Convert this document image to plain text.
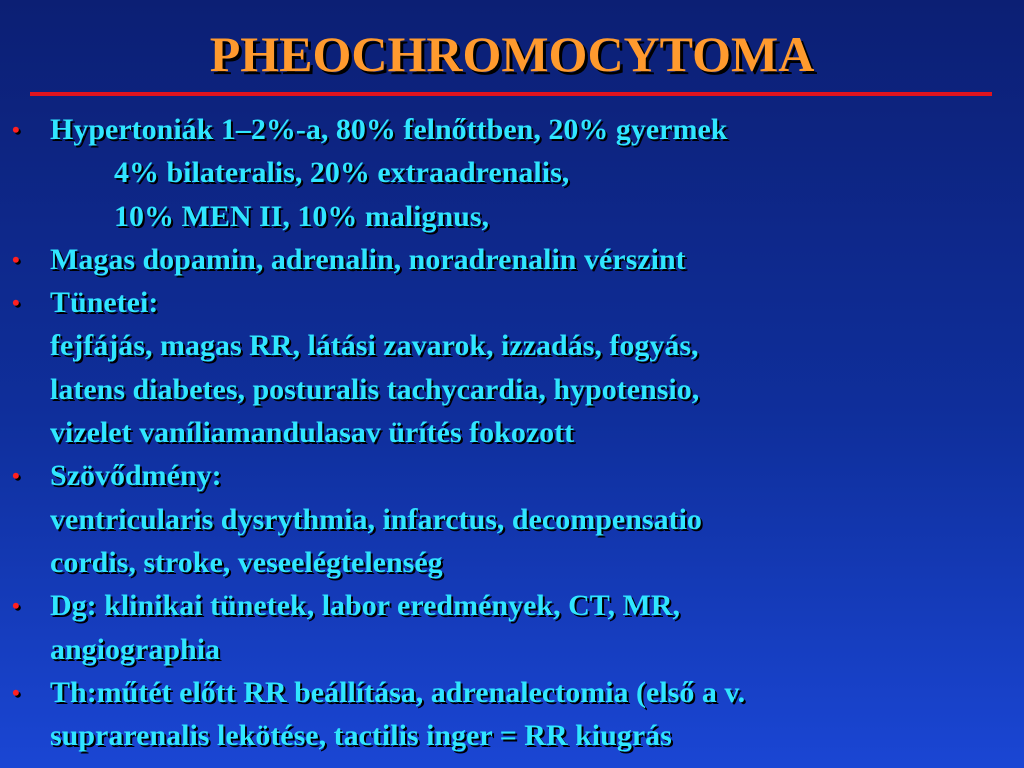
PHEOCHROMOCYTOMA
•	Hypertoniák 1–2%-a, 80% felnőttben, 20% gyermek
4% bilateralis, 20% extraadrenalis,
10% MEN II, 10% malignus,
•	Magas dopamin, adrenalin, noradrenalin vérszint
•	Tünetei:
fejfájás, magas RR, látási zavarok, izzadás, fogyás,
latens diabetes, posturalis tachycardia, hypotensio,
vizelet vaníliamandulasav ürítés fokozott
•	Szövődmény:
ventricularis dysrythmia, infarctus, decompensatio
cordis, stroke, veseelégtelenség
•	Dg: klinikai tünetek, labor eredmények, CT, MR,
angiographia
•	Th:műtét előtt RR beállítása, adrenalectomia (első a v.
suprarenalis lekötése, tactilis inger = RR kiugrás
